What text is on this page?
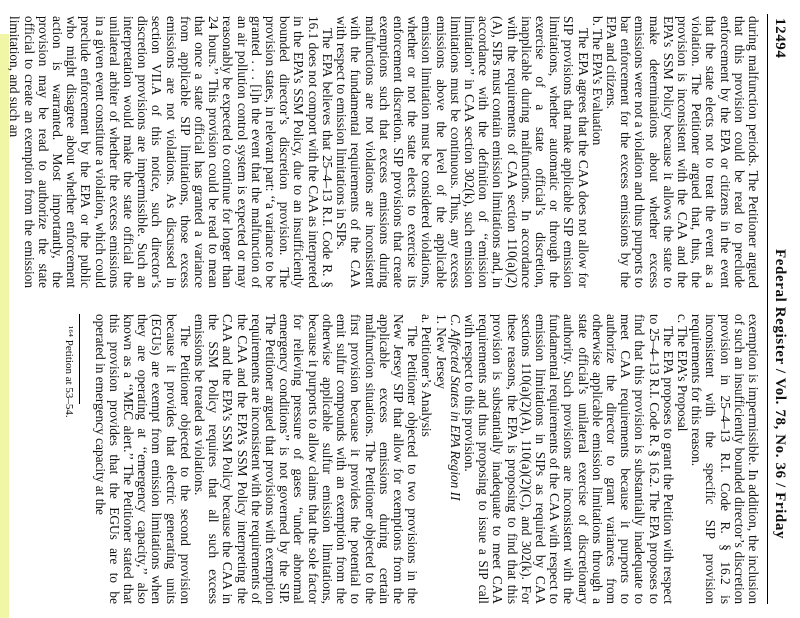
12494
Federal Register / Vol. 78, No. 36 / Friday

during malfunction periods. The Petitioner argued that this provision could be read to preclude enforcement by the EPA or citizens in the event that the state elects not to treat the event as a violation. The Petitioner argued that, thus, the provision is inconsistent with the CAA and the EPA’s SSM Policy because it allows the state to make determinations about whether excess emissions were not a violation and thus purports to bar enforcement for the excess emissions by the EPA and citizens.

b. The EPA’s Evaluation

The EPA agrees that the CAA does not allow for SIP provisions that make applicable SIP emission limitations, whether automatic or through the exercise of a state official’s discretion, inapplicable during malfunctions. In accordance with the requirements of CAA section 110(a)(2)(A), SIPs must contain emission limitations and, in accordance with the definition of ‘‘emission limitation’’ in CAA section 302(k), such emission limitations must be continuous. Thus, any excess emissions above the level of the applicable emission limitation must be considered violations, whether or not the state elects to exercise its enforcement discretion. SIP provisions that create exemptions such that excess emissions during malfunctions are not violations are inconsistent with the fundamental requirements of the CAA with respect to emission limitations in SIPs.

The EPA believes that 25–4–13 R.I. Code R. § 16.1 does not comport with the CAA as interpreted in the EPA’s SSM Policy, due to an insufficiently bounded director’s discretion provision. The provision states, in relevant part: ‘‘a variance to be granted . . . [i]n the event that the malfunction of an air pollution control system is expected or may reasonably be expected to continue for longer than 24 hours.’’ This provision could be read to mean that once a state official has granted a variance from applicable SIP limitations, those excess emissions are not violations. As discussed in section VII.A of this notice, such director’s discretion provisions are impermissible. Such an interpretation would make the state official the unilateral arbiter of whether the excess emissions in a given event constitute a violation, which could preclude enforcement by the EPA or the public who might disagree about whether enforcement action is warranted. Most importantly, the provision may be read to authorize the state official to create an exemption from the emission limitation, and such an

exemption is impermissible. In addition, the inclusion of such an insufficiently bounded director’s discretion provision in 25–4–13 R.I. Code R. § 16.2 is inconsistent with the specific SIP provision requirements for this reason.

c. The EPA’s Proposal

The EPA proposes to grant the Petition with respect to 25–4–13 R.I. Code R. § 16.2. The EPA proposes to find that this provision is substantially inadequate to meet CAA requirements because it purports to authorize the director to grant variances from otherwise applicable emission limitations through a state official’s unilateral exercise of discretionary authority. Such provisions are inconsistent with the fundamental requirements of the CAA with respect to emission limitations in SIPs as required by CAA sections 110(a)(2)(A), 110(a)(2)(C), and 302(k). For these reasons, the EPA is proposing to find that this provision is substantially inadequate to meet CAA requirements and thus proposing to issue a SIP call with respect to this provision.

C. Affected States in EPA Region II
1. New Jersey
a. Petitioner’s Analysis

The Petitioner objected to two provisions in the New Jersey SIP that allow for exemptions from the applicable excess emissions during certain malfunction situations. The Petitioner objected to the first provision because it provides the potential to emit sulfur compounds with an exemption from the otherwise applicable sulfur emission limitations, because it purports to allow claims that the sole factor for relieving pressure of gases ‘‘under abnormal emergency conditions’’ is not governed by the SIP. The Petitioner argued that provisions with exemption requirements are inconsistent with the requirements of the CAA and the EPA’s SSM Policy interpreting the CAA and the EPA’s SSM Policy because the CAA in the SSM Policy requires that all such excess emissions be treated as violations.

The Petitioner objected to the second provision because it provides that electric generating units (EGUs) are exempt from emission limitations when they are operating at ‘‘emergency capacity,’’ also known as a ‘‘MEC alert.’’ The Petitioner stated that this provision provides that the EGUs are to be operated in emergency capacity at the

¹⁶⁴ Petition at 53–54.
